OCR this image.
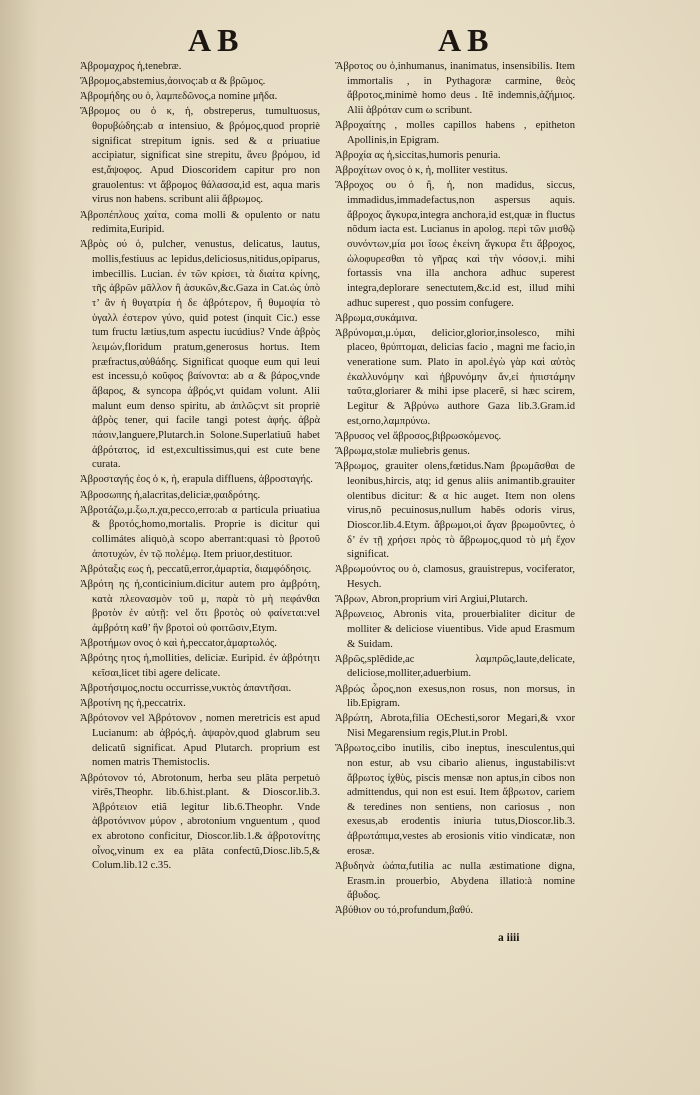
AB	AB

Ἀβρομαχρος ἡ,tenebræ.

Ἄβρομος,abstemius,ἀοινος:ab α & βρῶμος.

Ἀβρομήδης ου ὁ, λαμπεδῶνος,a nomine μῆδα.

Ἄβρομος ου ὁ κ, ἡ, obstreperus, tumultuosus, θορυβώδης:ab α intensiuo, & βρόμος,quod propriè significat strepitum ignis. sed & α priuatiue accipiatur, significat sine strepitu, ἄνευ βρόμου, id est,ἄψοφος. Apud Dioscoridem capitur pro non grauolentus: vt ἄβρομος θάλασσα,id est, aqua maris virus non habens. scribunt alii ἄβρωμος.

Ἀβροπέπλους χαίτα, coma molli & opulento or natu redimita,Euripid.

Ἀβρὸς ού ὁ, pulcher, venustus, delicatus, lautus, mollis,festiuus ac lepidus,deliciosus,nitidus,opiparus, imbecillis. Lucian. ἐν τῶν κρίσει, τὰ διαίτα κρίνης, τῆς ἀβρῶν μᾶλλον ἢ ἀσυκῶν,&c.Gaza in Cat.ὡς ὑπὸ τ’ ἂν ἡ θυγατρία ἡ δε ἀβρότερον, ἢ θυμοψία τὸ ὑγαλλ ἐστερον γύνο, quid potest (inquit Cic.) esse tum fructu lætius,tum aspectu iucúdius? Vnde ἀβρὸς λειμών,floridum pratum,generosus hortus. Item præfractus,αὐθάδης. Significat quoque eum qui leui est incessu,ὁ κοῦφος βαίνοντα: ab α & βάρος,vnde ἄβαρος, & syncopa ἀβρός,vt quidam volunt. Alii malunt eum denso spiritu, ab ἁπλῶς:vt sit propriè ἀβρὸς tener, qui facile tangi potest ἀφής. ἀβρὰ πάσιν,languere,Plutarch.in Solone.Superlatiuũ habet ἀβρότατος, id est,excultissimus,qui est cute bene curata.

Ἀβροσταγής ἐος ὁ κ, ἡ, erapula diffluens, ἀβροσταγής.

Ἀβροσωπης ἡ,alacritas,deliciæ,φαιδρότης.

Ἀβροτάζω,μ.ξω,π.χα,pecco,erro:ab α particula priuatiua & βροτός,homo,mortalis. Proprie is dicitur qui collimátes aliquò,à scopo aberrant:quasi τὸ βροτοῦ ἀποτυχών, ἐν τῷ πολέμῳ. Item priuor,destituor.

Ἀβρόταξις εως ἡ, peccatũ,error,ἁμαρτία, διαμφόδησις.

Ἀβρότη ης ἡ,conticinium.dicitur autem pro ἀμβρότη, κατὰ πλεονασμὸν τοῦ μ, παρὰ τὸ μὴ πεφάνθαι βροτὸν ἐν αὐτῇ: vel ὅτι βροτὸς οὐ φαίνεται:vel ἀμβρότη καθ’ ἣν βροτοὶ οὐ φοιτῶσιν,Etym.

Ἀβροτήμων ονος ὁ καὶ ἡ,peccator,ἁμαρτωλός.

Ἀβρότης ητος ἡ,mollities, deliciæ. Euripid. ἐν ἀβρότητι κεῖσαι,licet tibi agere delicate.

Ἀβροτήσιμος,noctu occurrisse,νυκτὸς ἀπαντῆσαι.

Ἀβροτίνη ης ἡ,peccatrix.

Ἀβρότονον vel Ἀβρότονον , nomen meretricis est apud Lucianum: ab ἀβρός,ἡ. ἁψαρὸν,quod glabrum seu delicatũ significat. Apud Plutarch. proprium est nomen matris Themistoclis.

Ἀβρότονον τό, Abrotonum, herba seu plãta perpetuò virẽs,Theophr. lib.6.hist.plant. & Dioscor.lib.3. Ἀβρότειον etiã legitur lib.6.Theophr. Vnde ἀβροτόνινον μύρον , abrotonium vnguentum , quod ex abrotono conficitur, Dioscor.lib.1.& ἀβροτονίτης οἶνος,vinum ex ea plãta confectũ,Diosc.lib.5,& Colum.lib.12 c.35.

Ἄβροτος ου ὁ,inhumanus, inanimatus, insensibilis. Item immortalis , in Pythagoræ carmine, θεὸς ἄβροτος,minimè homo deus . Itẽ indemnis,ἀζήμιος. Alii ἀβρόταν cum ω scribunt.

Ἀβροχαίτης , molles capillos habens , epitheton Apollinis,in Epigram.

Ἀβροχία ας ἡ,siccitas,humoris penuria.

Ἀβροχίτων ονος ὁ κ, ἡ, molliter vestitus.

Ἄβροχος ου ὁ ἢ, ἡ, non madidus, siccus, immadidus,immadefactus,non aspersus aquis. ἄβροχος ἄγκυρα,integra anchora,id est,quæ in fluctus nõdum iacta est. Lucianus in apolog. περὶ τῶν μισθῷ συνόντων,μία μοι ἴσως ἐκείνη ἄγκυρα ἔτι ἄβροχος, ὡλοφυρεσθαι τὸ γῆρας καὶ τὴν νόσον,i. mihi fortassis vna illa anchora adhuc superest integra,deplorare senectutem,&c.id est, illud mihi adhuc superest , quo possim confugere.

Ἀβρωμα,συκάμινα.

Ἀβρύνομαι,μ.ύμαι, delicior,glorior,insolesco, mihi placeo, θρύπτομαι, delicias facio , magni me facio,in veneratione sum. Plato in apol.ἐγὼ γὰρ καὶ αὐτὸς ἐκαλλυνόμην καὶ ἡβρυνόμην ἄν,εἰ ἠπιστάμην ταῦτα,gloriarer & mihi ipse placerẽ, si hæc scirem, Legitur & Ἀβρύνω authore Gaza lib.3.Gram.id est,orno,λαμπρύνω.

Ἄβρυσος vel ἄβροσος,βιβρωσκόμενος.

Ἄβρωμα,stolæ muliebris genus.

Ἄβρωμος, grauiter olens,fœtidus.Nam βρωμᾶσθαι de leonibus,hircis, atq; id genus aliis animantib.grauiter olentibus dicitur: & α hic auget. Item non olens virus,nõ pecuinosus,nullum habẽs odoris virus, Dioscor.lib.4.Etym. ἄβρωμοι,οἱ ἄγαν βρωμοῦντες, ὁ δ’ ἐν τῇ χρήσει πρὸς τὸ ἄβρωμος,quod τὸ μὴ ἔχον significat.

Ἀβρωμούντος ου ὁ, clamosus, grauistrepus, vociferator, Hesych.

Ἄβρων, Abron,proprium viri Argiui,Plutarch.

Ἀβρωνειος, Abronis vita, prouerbialiter dicitur de molliter & deliciose viuentibus. Vide apud Erasmum & Suidam.

Ἀβρῶς,splẽdide,ac λαμπρῶς,laute,delicate, deliciose,molliter,aduerbium.

Ἀβρώς ὦρος,non exesus,non rosus, non morsus, in lib.Epigram.

Ἀβρώτη, Abrota,filia OEchesti,soror Megari,& vxor Nisi Megarensium regis,Plut.in Probl.

Ἄβρωτος,cibo inutilis, cibo ineptus, inesculentus,qui non estur, ab vsu cibario alienus, ingustabilis:vt ἄβρωτος ἰχθὺς, piscis mensæ non aptus,in cibos non admittendus, qui non est esui. Item ἄβρωτον, cariem & teredines non sentiens, non cariosus , non exesus,ab erodentis iniuria tutus,Dioscor.lib.3. ἀβρωτάπιμα,vestes ab erosionis vitio vindicatæ, non erosæ.

Ἀβυδηνὰ ὠάπα,futilia ac nulla æstimatione digna, Erasm.in prouerbio, Abydena illatio:à nomine ἄβυδος.

Ἀβύθιον ου τό,profundum,βαθύ.

a iiii
